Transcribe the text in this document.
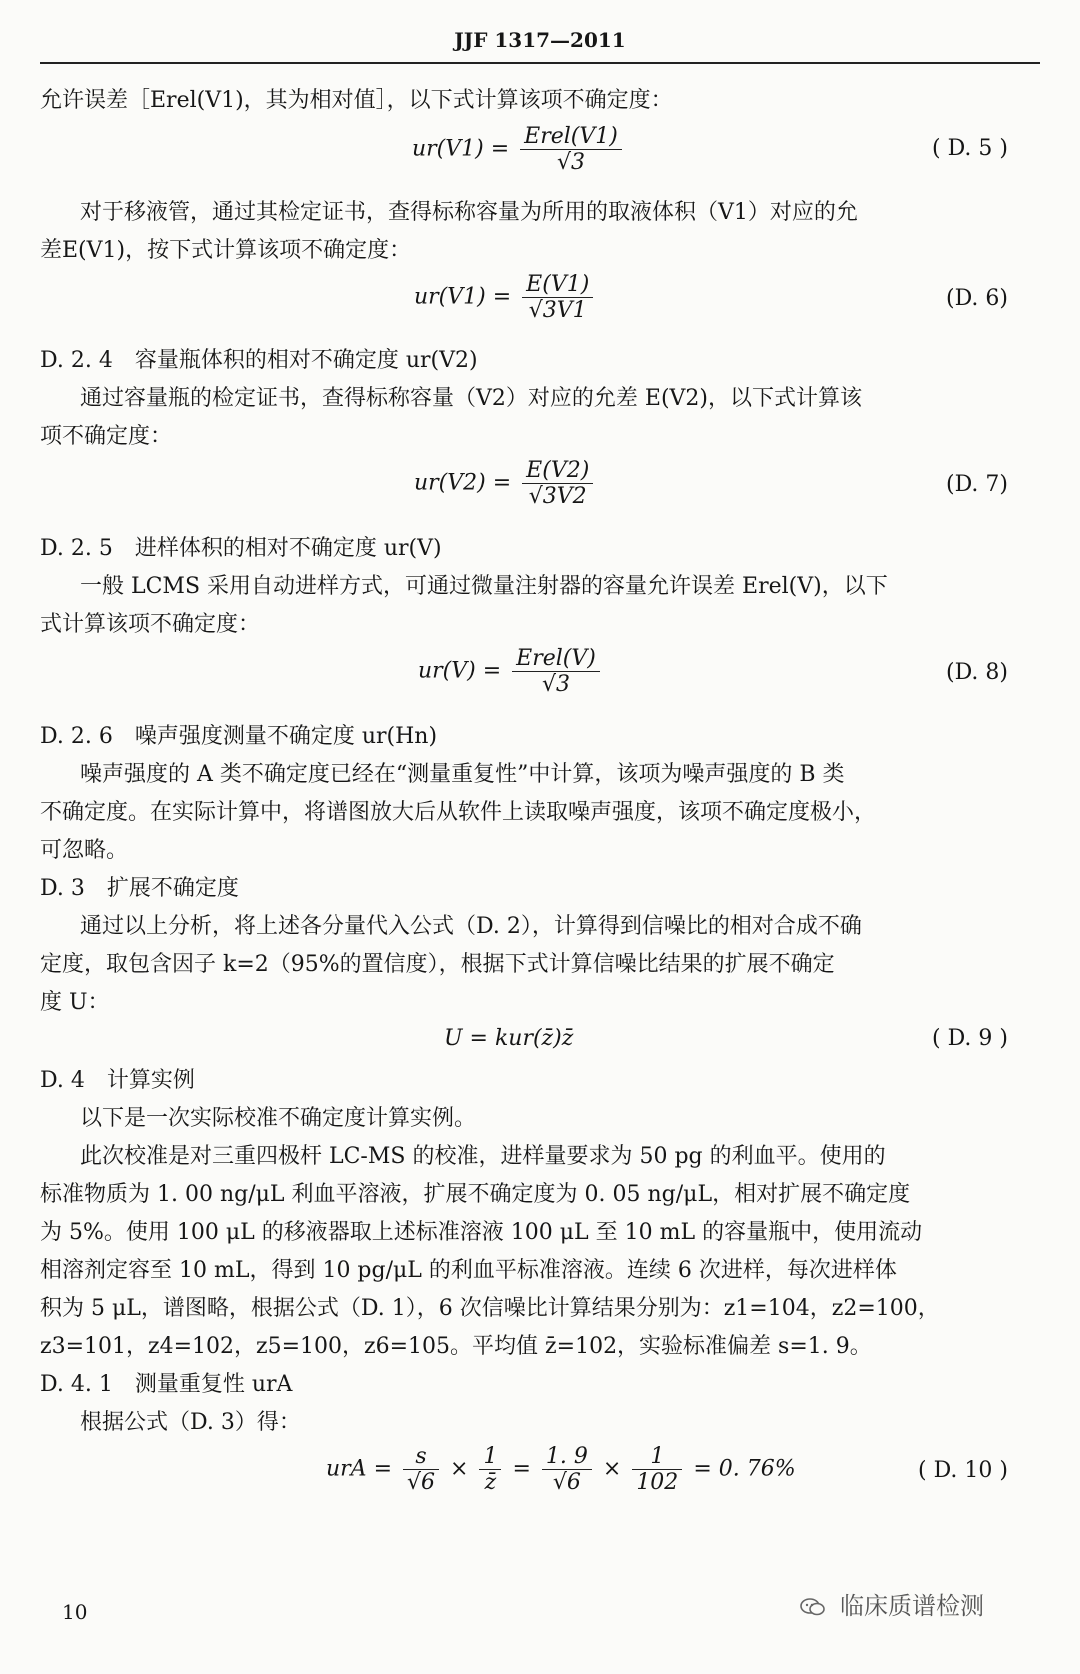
JJF 1317—2011
允许误差［Erel(V1)，其为相对值］，以下式计算该项不确定度：
$ur(V1) = \frac{\text{Erel(V1)}}{√3}$	( D. 5 )
对于移液管，通过其检定证书，查得标称容量为所用的取液体积（V1）对应的允
差E(V1)，按下式计算该项不确定度：
$ur(V1) = \frac{E(V1)}{√3V1}$	(D. 6)
D. 2. 4　容量瓶体积的相对不确定度 ur(V2)
通过容量瓶的检定证书，查得标称容量（V2）对应的允差 E(V2)，以下式计算该
项不确定度：
$ur(V2) = \frac{E(V2)}{√3V2}$	(D. 7)
D. 2. 5　进样体积的相对不确定度 ur(V)
一般 LCMS 采用自动进样方式，可通过微量注射器的容量允许误差 Erel(V)，以下
式计算该项不确定度：
$ur(V) = \frac{\text{Erel(V)}}{√3}$	(D. 8)
D. 2. 6　噪声强度测量不确定度 ur(Hn)
噪声强度的 A 类不确定度已经在“测量重复性”中计算，该项为噪声强度的 B 类
不确定度。在实际计算中，将谱图放大后从软件上读取噪声强度，该项不确定度极小，
可忽略。
D. 3　扩展不确定度
通过以上分析，将上述各分量代入公式（D. 2），计算得到信噪比的相对合成不确
定度，取包含因子 k=2（95%的置信度），根据下式计算信噪比结果的扩展不确定
度 U：
U = kur(z̄)z̄	( D. 9 )
D. 4　计算实例
以下是一次实际校准不确定度计算实例。
此次校准是对三重四极杆 LC-MS 的校准，进样量要求为 50 pg 的利血平。使用的
标准物质为 1. 00 ng/μL 利血平溶液，扩展不确定度为 0. 05 ng/μL，相对扩展不确定度
为 5%。使用 100 μL 的移液器取上述标准溶液 100 μL 至 10 mL 的容量瓶中，使用流动
相溶剂定容至 10 mL，得到 10 pg/μL 的利血平标准溶液。连续 6 次进样，每次进样体
积为 5 μL，谱图略，根据公式（D. 1），6 次信噪比计算结果分别为：z1=104，z2=100，
z3=101，z4=102，z5=100，z6=105。平均值 z̄=102，实验标准偏差 s=1. 9。
D. 4. 1　测量重复性 urA
根据公式（D. 3）得：
urA = $\frac{s}{√6} \times \frac{1}{z̄} = \frac{1. 9}{√6} \times \frac{1}{102} = 0$. 76%	( D. 10 )
10	临床质谱检测
